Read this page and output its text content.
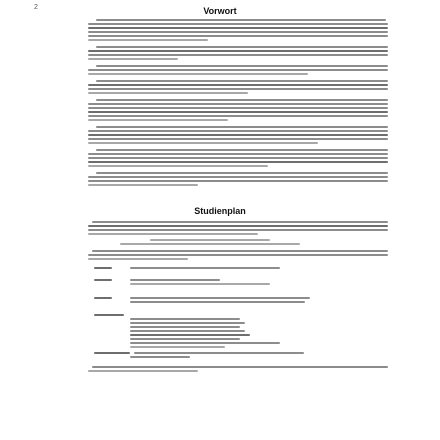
2	Vorwort
Studienplan
